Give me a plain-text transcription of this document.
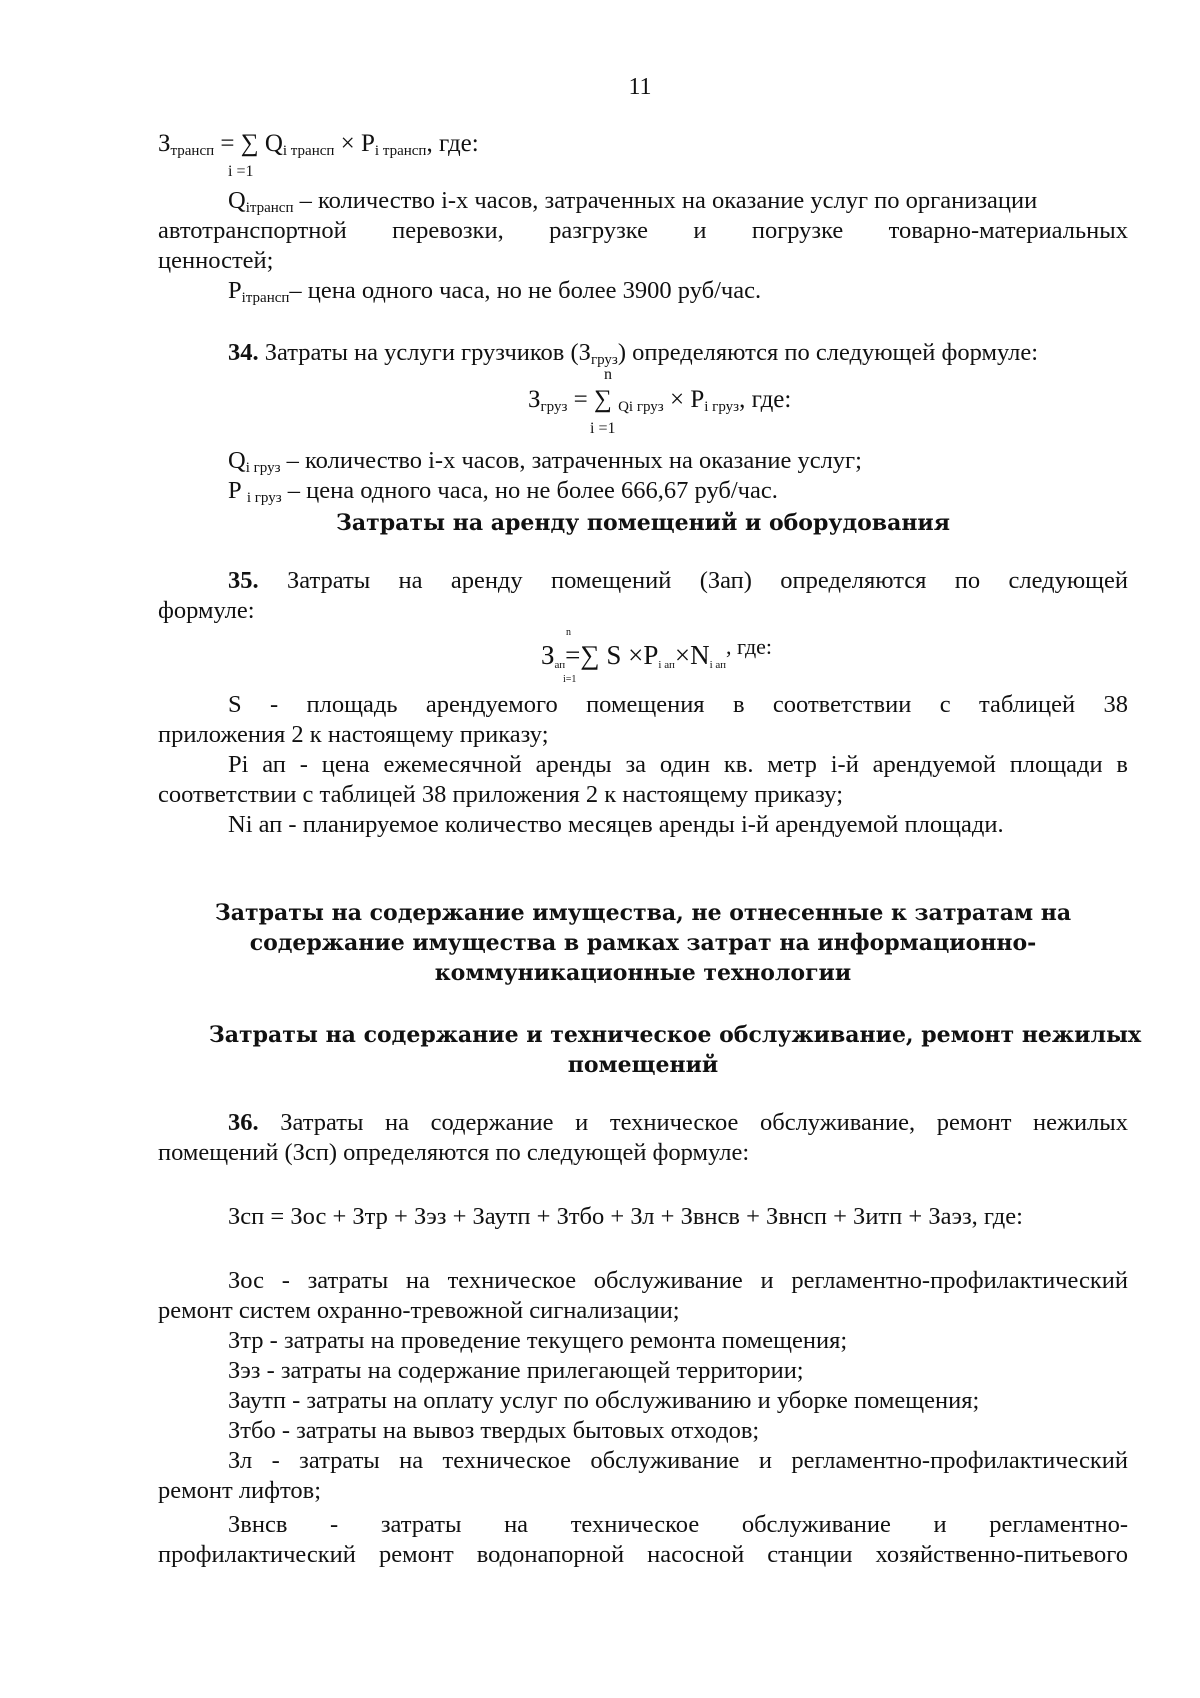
11
Зтрансп = ∑ Qi трансп × Pi трансп, где:
i =1
Qiтрансп – количество i-х часов, затраченных на оказание услуг по организации
автотранспортной перевозки, разгрузке и погрузке товарно-материальных
ценностей;
Piтрансп– цена одного часа, но не более 3900 руб/час.
34. Затраты на услуги грузчиков (Згруз) определяются по следующей формуле:
n
Згруз = ∑ Qi груз × Pi груз, где:
i =1
Qi груз – количество i-х часов, затраченных на оказание услуг;
P i груз – цена одного часа, но не более 666,67 руб/час.
Затраты на аренду помещений и оборудования
35. Затраты на аренду помещений (Зап) определяются по следующей
формуле:
n
Зап=∑ S ×Pi ап×Ni $ап^{, где:}$
i=1
S - площадь арендуемого помещения в соответствии с таблицей 38
приложения 2 к настоящему приказу;
Pi ап - цена ежемесячной аренды за один кв. метр i-й арендуемой площади в
соответствии с таблицей 38 приложения 2 к настоящему приказу;
Ni ап - планируемое количество месяцев аренды i-й арендуемой площади.
Затраты на содержание имущества, не отнесенные к затратам на
содержание имущества в рамках затрат на информационно-
коммуникационные технологии
Затраты на содержание и техническое обслуживание, ремонт нежилых
помещений
36. Затраты на содержание и техническое обслуживание, ремонт нежилых
помещений (Зсп) определяются по следующей формуле:
Зсп = Зос + Зтр + Зэз + Заутп + Зтбо + Зл + Звнсв + Звнсп + Зитп + Заэз, где:
Зос - затраты на техническое обслуживание и регламентно-профилактический
ремонт систем охранно-тревожной сигнализации;
Зтр - затраты на проведение текущего ремонта помещения;
Зэз - затраты на содержание прилегающей территории;
Заутп - затраты на оплату услуг по обслуживанию и уборке помещения;
Зтбо - затраты на вывоз твердых бытовых отходов;
Зл - затраты на техническое обслуживание и регламентно-профилактический
ремонт лифтов;
Звнсв - затраты на техническое обслуживание и регламентно-
профилактический ремонт водонапорной насосной станции хозяйственно-питьевого
